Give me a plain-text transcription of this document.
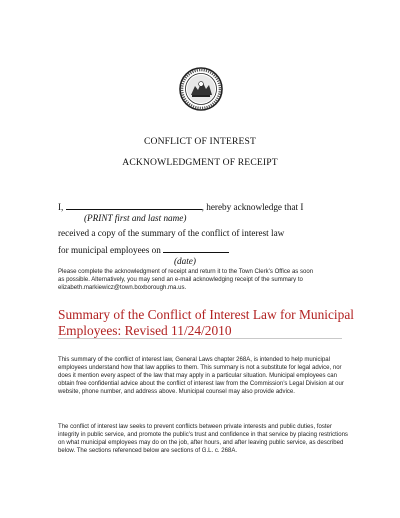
CONFLICT OF INTEREST
ACKNOWLEDGMENT OF RECEIPT
I,	, hereby acknowledge that I
(PRINT first and last name)
received a copy of the summary of the conflict of interest law
for municipal employees on
(date)
Please complete the acknowledgment of receipt and return it to the Town Clerk’s Office as soon
as possible. Alternatively, you may send an e-mail acknowledging receipt of the summary to
elizabeth.markiewicz@town.boxborough.ma.us.
Summary of the Conflict of Interest Law for Municipal
Employees: Revised 11/24/2010
This summary of the conflict of interest law, General Laws chapter 268A, is intended to help municipal
employees understand how that law applies to them. This summary is not a substitute for legal advice, nor
does it mention every aspect of the law that may apply in a particular situation. Municipal employees can
obtain free confidential advice about the conflict of interest law from the Commission’s Legal Division at our
website, phone number, and address above. Municipal counsel may also provide advice.
The conflict of interest law seeks to prevent conflicts between private interests and public duties, foster
integrity in public service, and promote the public’s trust and confidence in that service by placing restrictions
on what municipal employees may do on the job, after hours, and after leaving public service, as described
below. The sections referenced below are sections of G.L. c. 268A.
